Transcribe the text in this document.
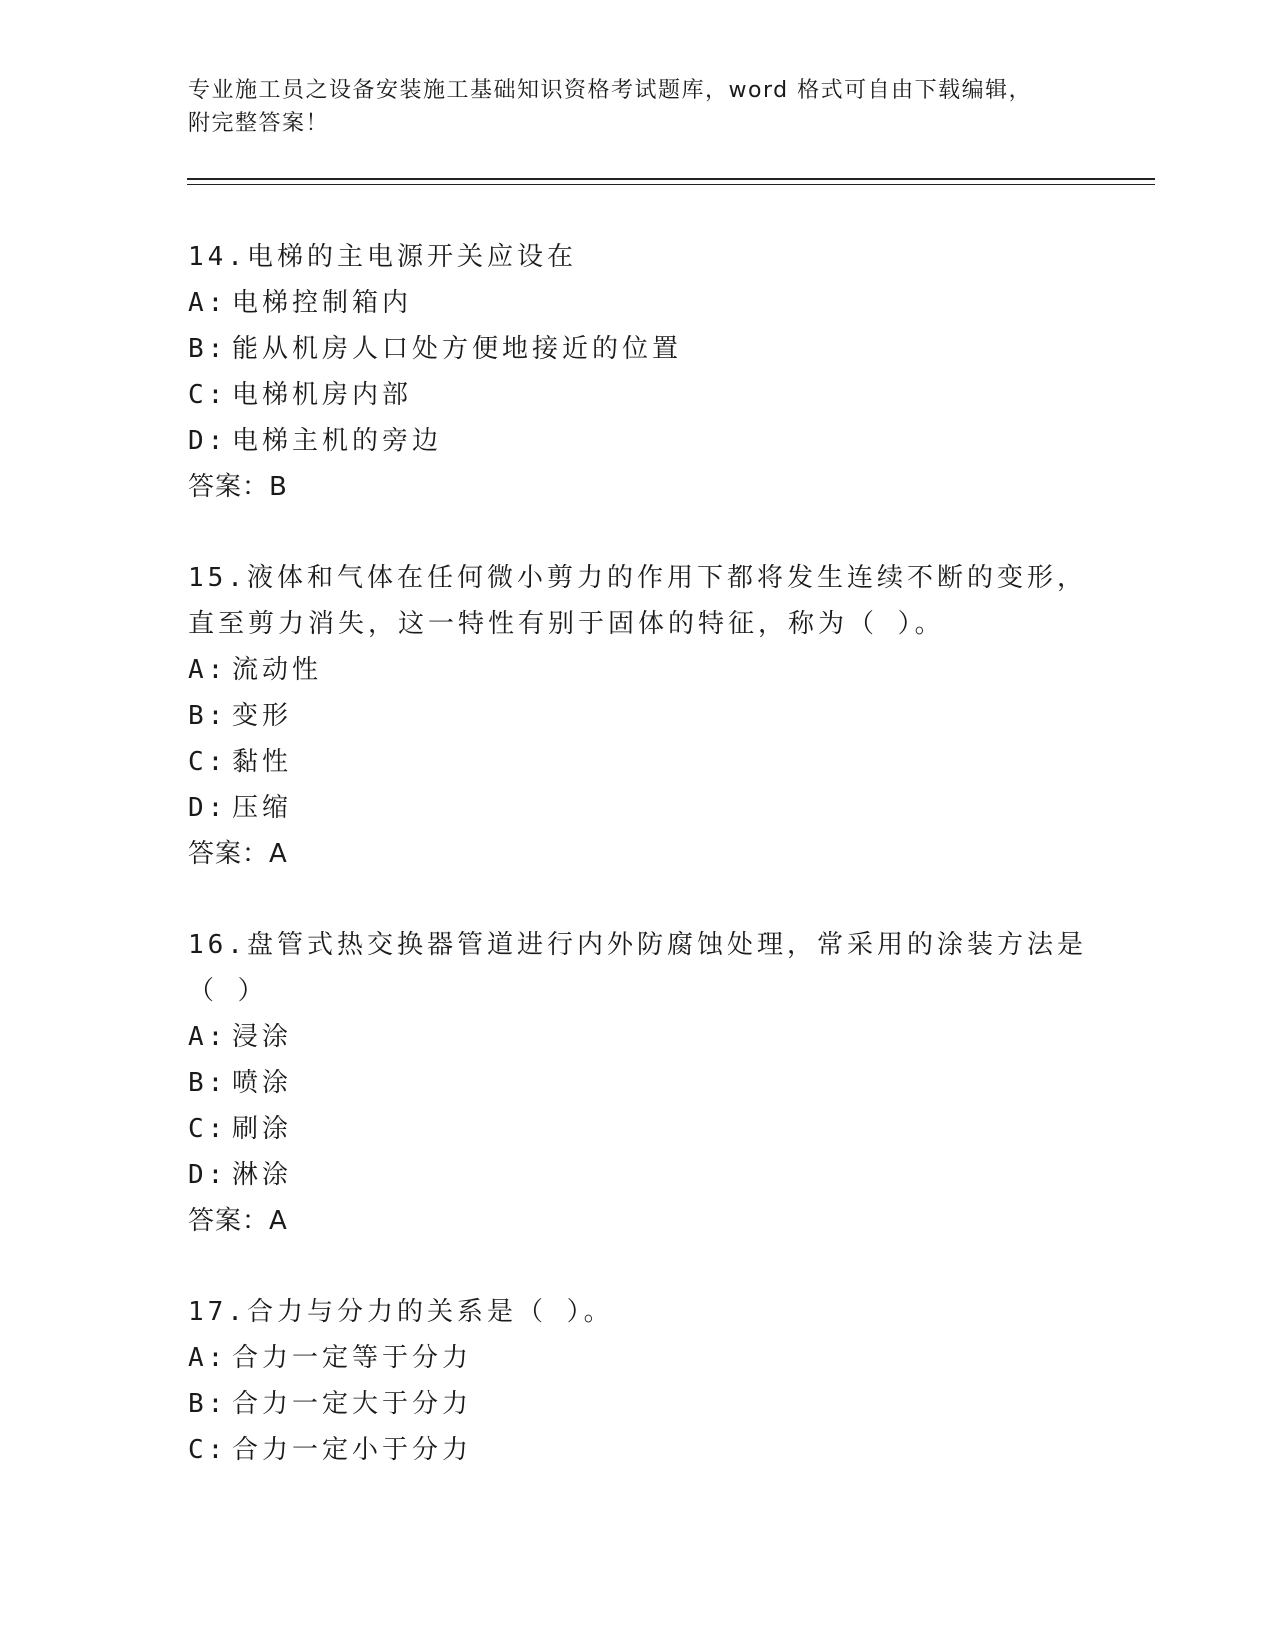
专业施工员之设备安装施工基础知识资格考试题库，word 格式可自由下载编辑，
附完整答案！
14.电梯的主电源开关应设在
A: 电梯控制箱内
B: 能从机房人口处方便地接近的位置
C: 电梯机房内部
D: 电梯主机的旁边
答案：B
15.液体和气体在任何微小剪力的作用下都将发生连续不断的变形，直至剪力消失，这一特性有别于固体的特征，称为（ ）。
A: 流动性
B: 变形
C: 黏性
D: 压缩
答案：A
16.盘管式热交换器管道进行内外防腐蚀处理，常采用的涂装方法是（ ）
A: 浸涂
B: 喷涂
C: 刷涂
D: 淋涂
答案：A
17.合力与分力的关系是（ ）。
A: 合力一定等于分力
B: 合力一定大于分力
C: 合力一定小于分力
